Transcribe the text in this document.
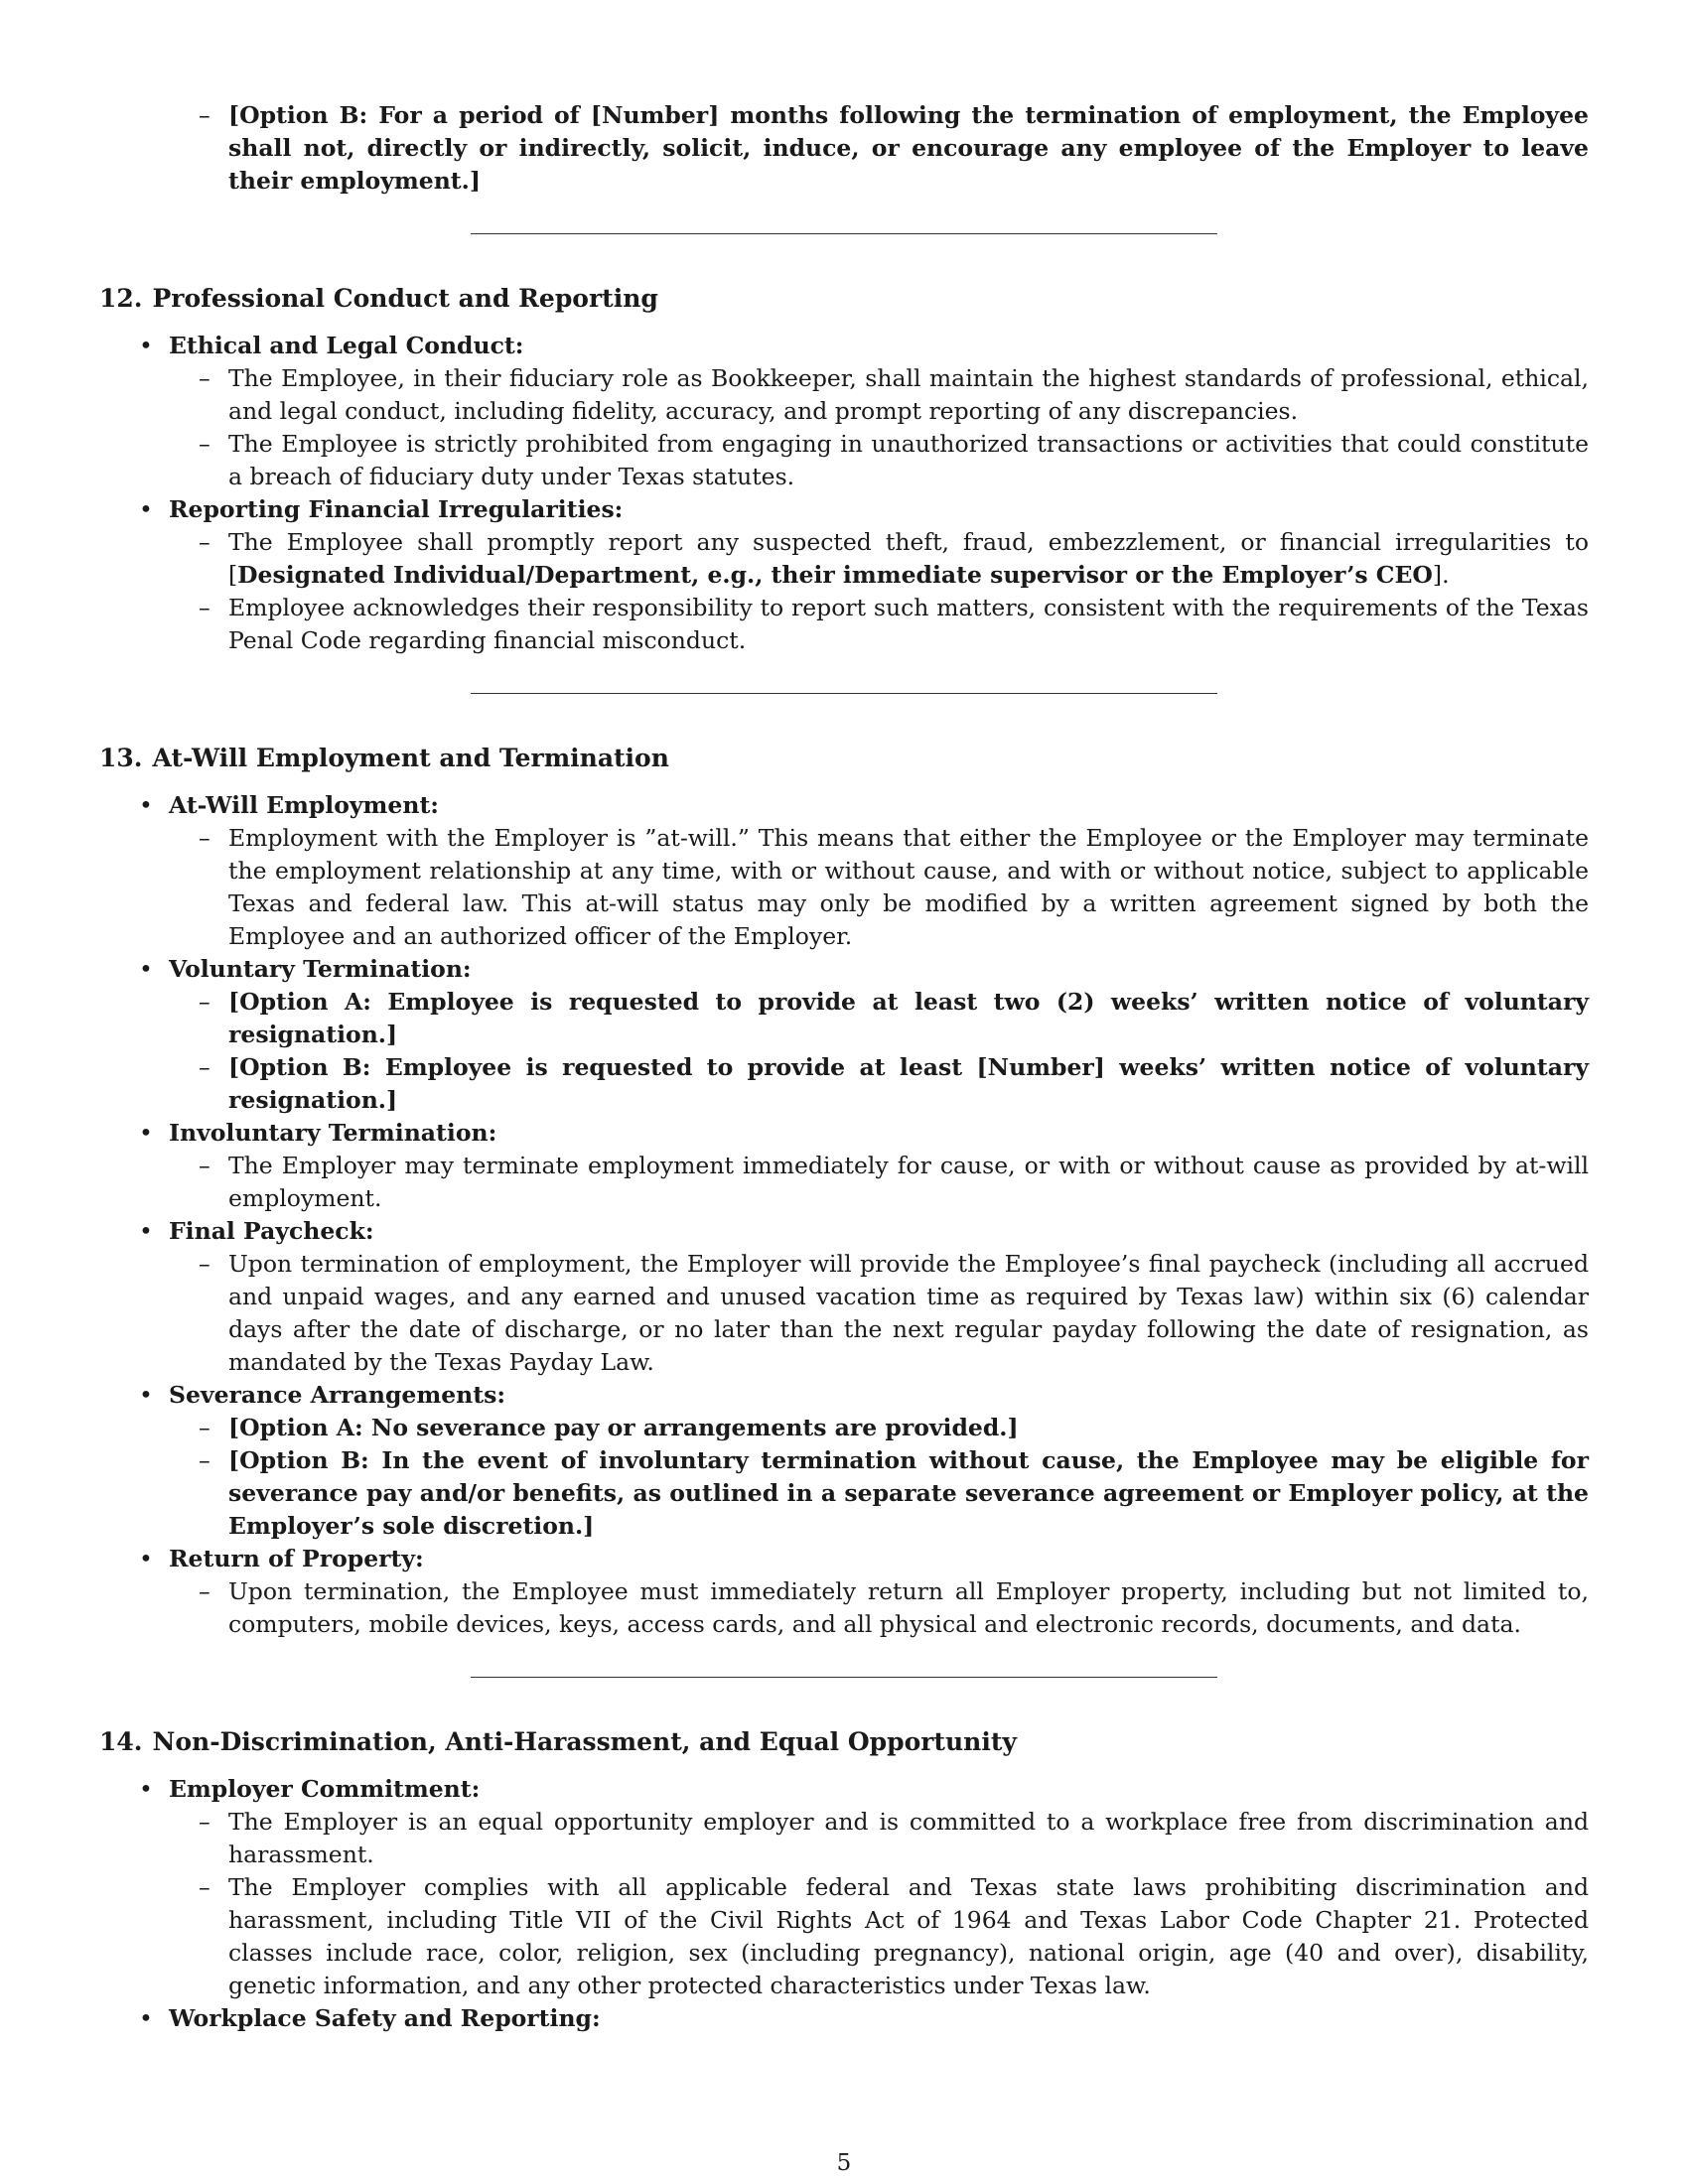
– [Option B: For a period of [Number] months following the termination of employment, the Employee shall not, directly or indirectly, solicit, induce, or encourage any employee of the Employer to leave their employment.]
12. Professional Conduct and Reporting
• Ethical and Legal Conduct:
– The Employee, in their fiduciary role as Bookkeeper, shall maintain the highest standards of professional, ethical, and legal conduct, including fidelity, accuracy, and prompt reporting of any discrepancies.
– The Employee is strictly prohibited from engaging in unauthorized transactions or activities that could constitute a breach of fiduciary duty under Texas statutes.
• Reporting Financial Irregularities:
– The Employee shall promptly report any suspected theft, fraud, embezzlement, or financial irregularities to [Designated Individual/Department, e.g., their immediate supervisor or the Employer’s CEO].
– Employee acknowledges their responsibility to report such matters, consistent with the requirements of the Texas Penal Code regarding financial misconduct.
13. At-Will Employment and Termination
• At-Will Employment:
– Employment with the Employer is ”at-will.” This means that either the Employee or the Employer may terminate the employment relationship at any time, with or without cause, and with or without notice, subject to applicable Texas and federal law. This at-will status may only be modified by a written agreement signed by both the Employee and an authorized officer of the Employer.
• Voluntary Termination:
– [Option A: Employee is requested to provide at least two (2) weeks’ written notice of voluntary resignation.]
– [Option B: Employee is requested to provide at least [Number] weeks’ written notice of voluntary resignation.]
• Involuntary Termination:
– The Employer may terminate employment immediately for cause, or with or without cause as provided by at-will employment.
• Final Paycheck:
– Upon termination of employment, the Employer will provide the Employee’s final paycheck (including all accrued and unpaid wages, and any earned and unused vacation time as required by Texas law) within six (6) calendar days after the date of discharge, or no later than the next regular payday following the date of resignation, as mandated by the Texas Payday Law.
• Severance Arrangements:
– [Option A: No severance pay or arrangements are provided.]
– [Option B: In the event of involuntary termination without cause, the Employee may be eligible for severance pay and/or benefits, as outlined in a separate severance agreement or Employer policy, at the Employer’s sole discretion.]
• Return of Property:
– Upon termination, the Employee must immediately return all Employer property, including but not limited to, computers, mobile devices, keys, access cards, and all physical and electronic records, documents, and data.
14. Non-Discrimination, Anti-Harassment, and Equal Opportunity
• Employer Commitment:
– The Employer is an equal opportunity employer and is committed to a workplace free from discrimination and harassment.
– The Employer complies with all applicable federal and Texas state laws prohibiting discrimination and harassment, including Title VII of the Civil Rights Act of 1964 and Texas Labor Code Chapter 21. Protected classes include race, color, religion, sex (including pregnancy), national origin, age (40 and over), disability, genetic information, and any other protected characteristics under Texas law.
• Workplace Safety and Reporting:
5
